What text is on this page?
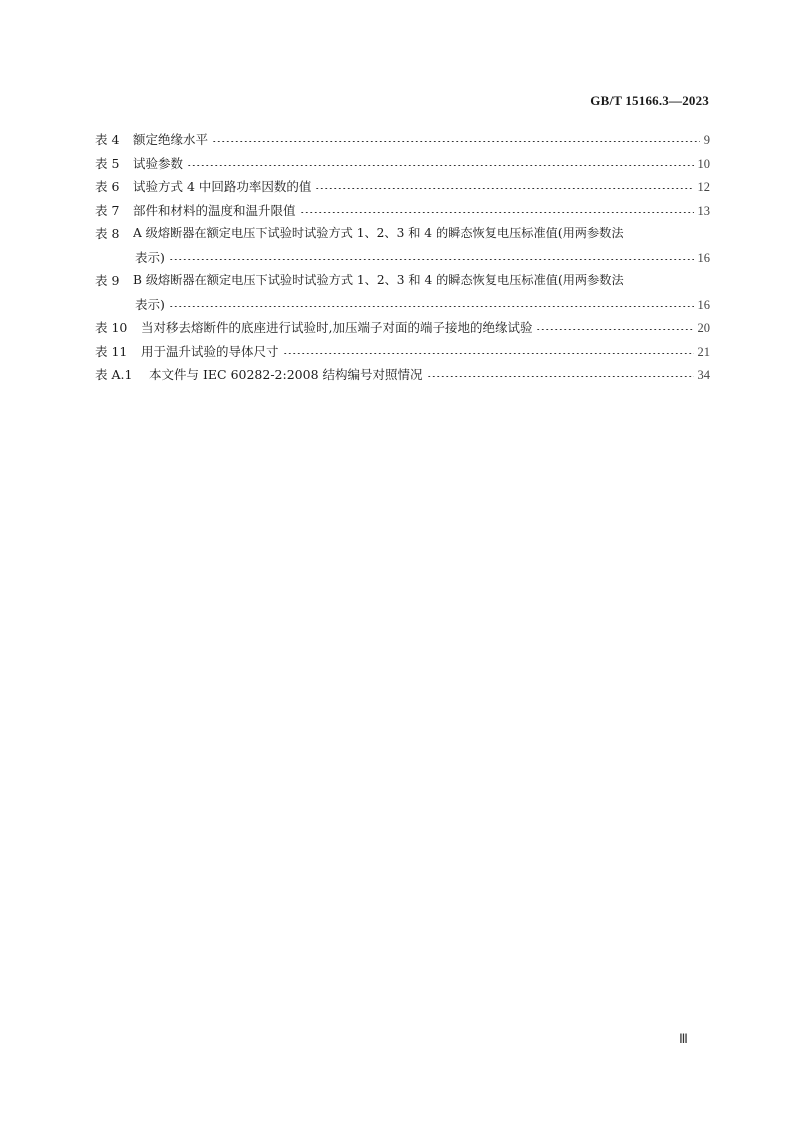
GB/T 15166.3—2023
表 4	额定绝缘水平	9
表 5	试验参数	10
表 6	试验方式 4 中回路功率因数的值	12
表 7	部件和材料的温度和温升限值	13
表 8	A 级熔断器在额定电压下试验时试验方式 1、2、3 和 4 的瞬态恢复电压标准值(用两参数法
表示)	16
表 9	B 级熔断器在额定电压下试验时试验方式 1、2、3 和 4 的瞬态恢复电压标准值(用两参数法
表示)	16
表 10	当对移去熔断件的底座进行试验时,加压端子对面的端子接地的绝缘试验	20
表 11	用于温升试验的导体尺寸	21
表 A.1	本文件与 IEC 60282-2:2008 结构编号对照情况	34
Ⅲ
